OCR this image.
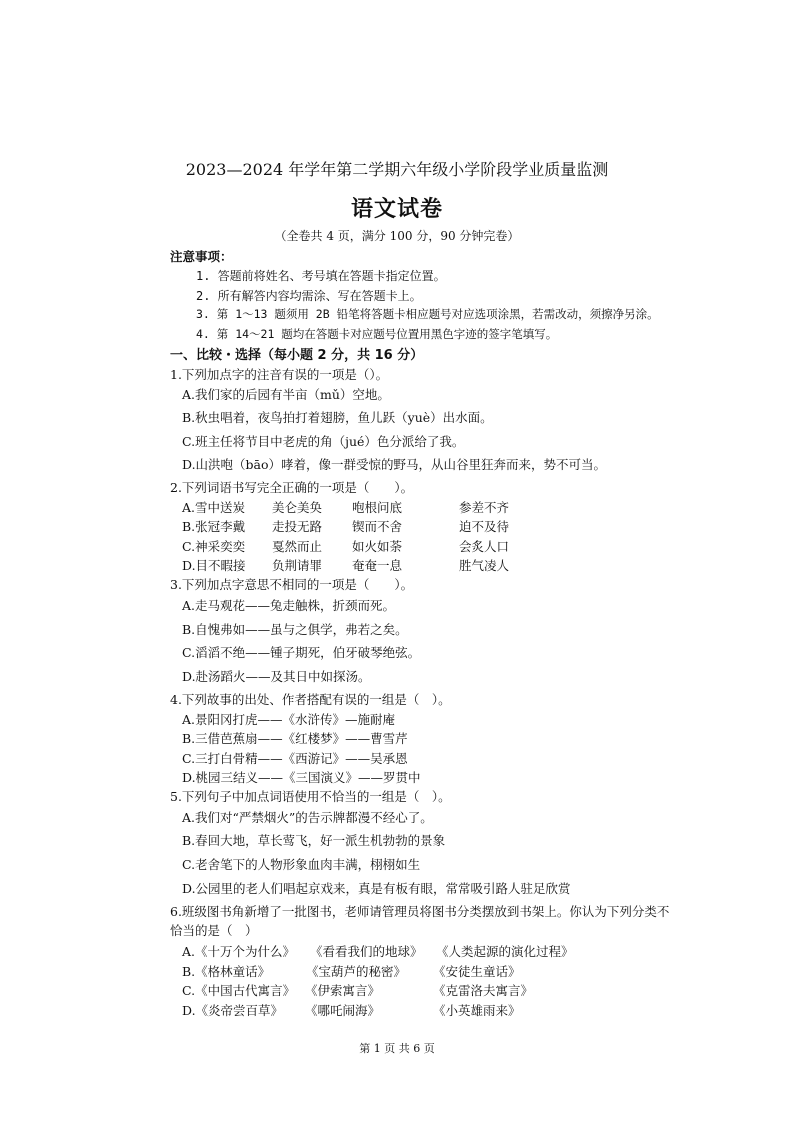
2023—2024 年学年第二学期六年级小学阶段学业质量监测
语文试卷
（全卷共 4 页，满分 100 分，90 分钟完卷）
注意事项：
1. 答题前将姓名、考号填在答题卡指定位置。
2. 所有解答内容均需涂、写在答题卡上。
3. 第 1～13 题须用 2B 铅笔将答题卡相应题号对应选项涂黑，若需改动，须擦净另涂。
4. 第 14～21 题均在答题卡对应题号位置用黑色字迹的签字笔填写。
一、比较・选择（每小题 2 分，共 16 分）
1.下列加点字的注音有误的一项是（）。
A.我们家的后园有半亩（mǔ）空地。
B.秋虫唱着，夜鸟拍打着翅膀，鱼儿跃（yuè）出水面。
C.班主任将节目中老虎的角（jué）色分派给了我。
D.山洪咆（bāo）哮着，像一群受惊的野马，从山谷里狂奔而来，势不可当。
2.下列词语书写完全正确的一项是（　　）。
A.雪中送炭 美仑美奂 咆根问底	参差不齐
B.张冠李戴 走投无路 锲而不舍	迫不及待
C.神采奕奕 戛然而止 如火如荼	会炙人口
D.目不暇接 负荆请罪 奄奄一息	胜气凌人
3.下列加点字意思不相同的一项是（　　）。
A.走马观花——兔走触株，折颈而死。
B.自愧弗如——虽与之俱学，弗若之矣。
C.滔滔不绝——锺子期死，伯牙破琴绝弦。
D.赴汤蹈火——及其日中如探汤。
4.下列故事的出处、作者搭配有误的一组是（　）。
A.景阳冈打虎——《水浒传》—施耐庵
B.三借芭蕉扇——《红楼梦》——曹雪芹
C.三打白骨精——《西游记》——吴承恩
D.桃园三结义——《三国演义》——罗贯中
5.下列句子中加点词语使用不恰当的一组是（　）。
A.我们对“严禁烟火”的告示牌都漫不经心了。
B.春回大地，草长莺飞，好一派生机勃勃的景象
C.老舍笔下的人物形象血肉丰满，栩栩如生
D.公园里的老人们唱起京戏来，真是有板有眼，常常吸引路人驻足欣赏
6.班级图书角新增了一批图书，老师请管理员将图书分类摆放到书架上。你认为下列分类不
恰当的是（　）
A.《十万个为什么》 《看看我们的地球》 《人类起源的演化过程》
B.《格林童话》	《宝葫芦的秘密》 《安徒生童话》
C.《中国古代寓言》 《伊索寓言》	《克雷洛夫寓言》
D.《炎帝尝百草》 《哪吒闹海》	《小英雄雨来》
第 1 页 共 6 页
